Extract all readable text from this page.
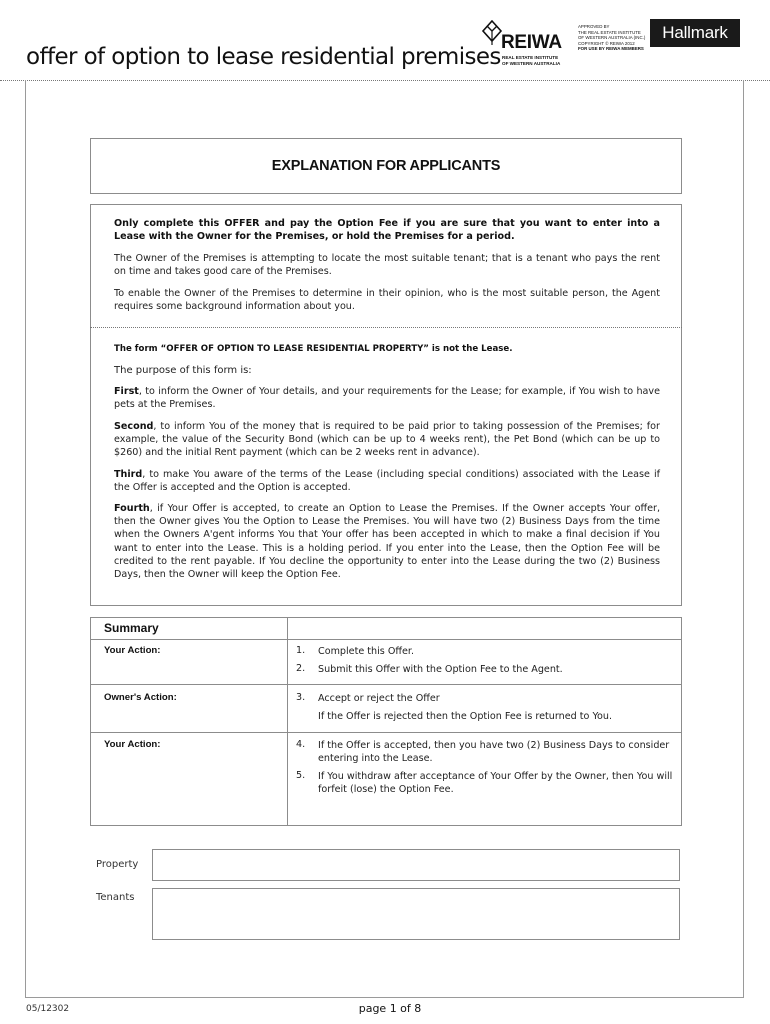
offer of option to lease residential premises
REIWA
REAL ESTATE INSTITUTE
OF WESTERN AUSTRALIA
APPROVED BY
THE REAL ESTATE INSTITUTE
OF WESTERN AUSTRALIA (INC.)
COPYRIGHT © REIWA 2012
FOR USE BY REIWA MEMBERS
Hallmark
EXPLANATION FOR APPLICANTS
Only complete this OFFER and pay the Option Fee if you are sure that you want to enter into a Lease with the Owner for the Premises, or hold the Premises for a period.
The Owner of the Premises is attempting to locate the most suitable tenant; that is a tenant who pays the rent on time and takes good care of the Premises.
To enable the Owner of the Premises to determine in their opinion, who is the most suitable person, the Agent requires some background information about you.
The form “OFFER OF OPTION TO LEASE RESIDENTIAL PROPERTY” is not the Lease.
The purpose of this form is:
First, to inform the Owner of Your details, and your requirements for the Lease; for example, if You wish to have pets at the Premises.
Second, to inform You of the money that is required to be paid prior to taking possession of the Premises; for example, the value of the Security Bond (which can be up to 4 weeks rent), the Pet Bond (which can be up to $260) and the initial Rent payment (which can be 2 weeks rent in advance).
Third, to make You aware of the terms of the Lease (including special conditions) associated with the Lease if the Offer is accepted and the Option is accepted.
Fourth, if Your Offer is accepted, to create an Option to Lease the Premises. If the Owner accepts Your offer, then the Owner gives You the Option to Lease the Premises. You will have two (2) Business Days from the time when the Owners A'gent informs You that Your offer has been accepted in which to make a final decision if You want to enter into the Lease. This is a holding period. If you enter into the Lease, then the Option Fee will be credited to the rent payable. If You decline the opportunity to enter into the Lease during the two (2) Business Days, then the Owner will keep the Option Fee.
Summary
Your Action:	1. Complete this Offer.
2. Submit this Offer with the Option Fee to the Agent.
Owner's Action:	3. Accept or reject the Offer
If the Offer is rejected then the Option Fee is returned to You.
Your Action:	4. If the Offer is accepted, then you have two (2) Business Days to consider entering into the Lease.
5. If You withdraw after acceptance of Your Offer by the Owner, then You will forfeit (lose) the Option Fee.
Property
Tenants
05/12302	page 1 of 8
